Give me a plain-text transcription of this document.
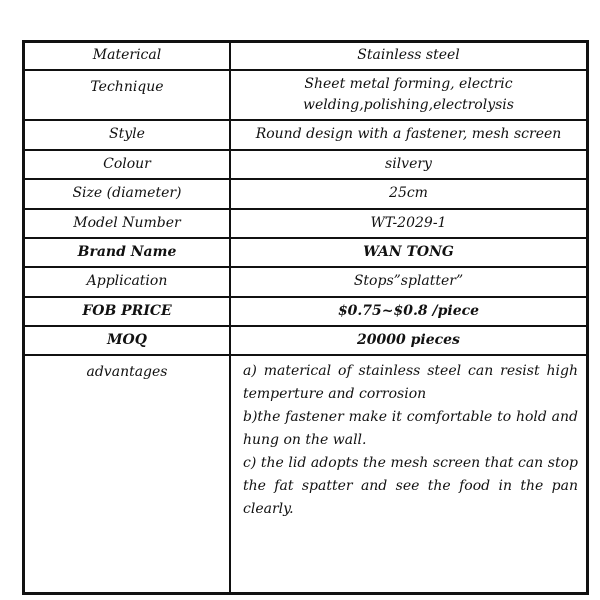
Materical	Stainless steel
Technique	Sheet metal forming, electric welding,polishing,electrolysis
Style	Round design with a fastener, mesh screen
Colour	silvery
Size (diameter)	25cm
Model Number	WT-2029-1
Brand Name	WAN TONG
Application	Stops”splatter”
FOB PRICE	$0.75~$0.8 /piece
MOQ	20000 pieces
advantages	a) materical of stainless steel can resist high temperture and corrosion
b)the fastener make it comfortable to hold and hung on the wall.
c) the lid adopts the mesh screen that can stop the fat spatter and see the food in the pan clearly.
